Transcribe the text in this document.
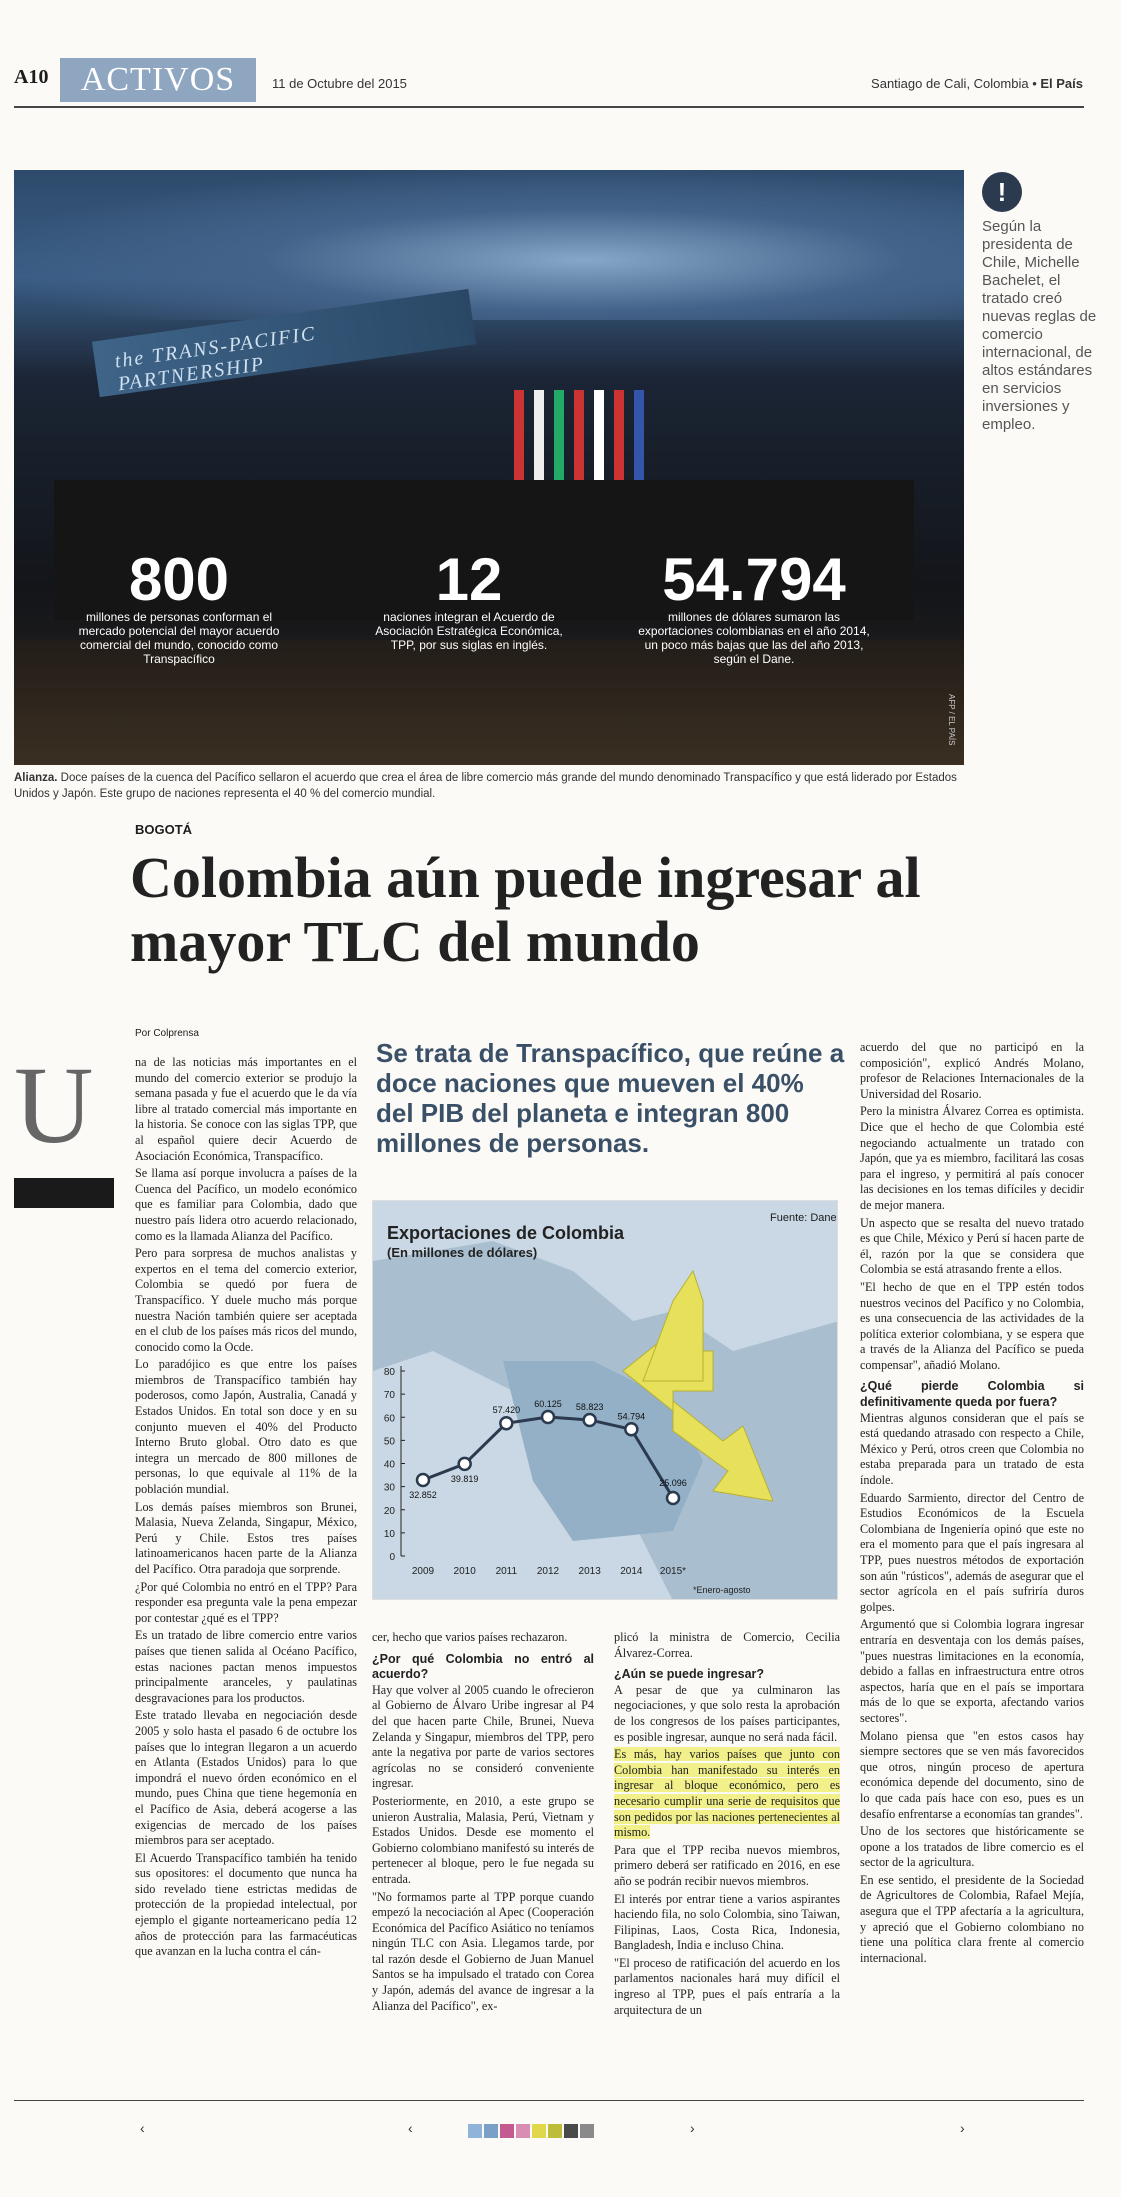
A10 ACTIVOS	11 de Octubre del 2015	Santiago de Cali, Colombia • El País
the TRANS-PACIFIC PARTNERSHIP
800
millones de personas conforman el mercado potencial del mayor acuerdo comercial del mundo, conocido como Transpacífico
12
naciones integran el Acuerdo de Asociación Estratégica Económica, TPP, por sus siglas en inglés.
54.794
millones de dólares sumaron las exportaciones colombianas en el año 2014, un poco más bajas que las del año 2013, según el Dane.
AFP / EL PAÍS
!
Según la presidenta de Chile, Michelle Bachelet, el tratado creó nuevas reglas de comercio internacional, de altos estándares en servicios inversiones y empleo.
Alianza. Doce países de la cuenca del Pacífico sellaron el acuerdo que crea el área de libre comercio más grande del mundo denominado Transpacífico y que está liderado por Estados Unidos y Japón. Este grupo de naciones representa el 40 % del comercio mundial.
BOGOTÁ
Colombia aún puede ingresar al mayor TLC del mundo
Por Colprensa
U	na de las noticias más importantes en el mundo del comercio exterior se produjo la semana pasada y fue el acuerdo que le da vía libre al tratado comercial más importante en la historia. Se conoce con las siglas TPP, que al español quiere decir Acuerdo de Asociación Económica, Transpacífico.

Se llama así porque involucra a países de la Cuenca del Pacífico, un modelo económico que es familiar para Colombia, dado que nuestro país lidera otro acuerdo relacionado, como es la llamada Alianza del Pacífico.

Pero para sorpresa de muchos analistas y expertos en el tema del comercio exterior, Colombia se quedó por fuera de Transpacífico. Y duele mucho más porque nuestra Nación también quiere ser aceptada en el club de los países más ricos del mundo, conocido como la Ocde.

Lo paradójico es que entre los países miembros de Transpacífico también hay poderosos, como Japón, Australia, Canadá y Estados Unidos. En total son doce y en su conjunto mueven el 40% del Producto Interno Bruto global. Otro dato es que integra un mercado de 800 millones de personas, lo que equivale al 11% de la población mundial.

Los demás países miembros son Brunei, Malasia, Nueva Zelanda, Singapur, México, Perú y Chile. Estos tres países latinoamericanos hacen parte de la Alianza del Pacífico. Otra paradoja que sorprende.

¿Por qué Colombia no entró en el TPP? Para responder esa pregunta vale la pena empezar por contestar ¿qué es el TPP?

Es un tratado de libre comercio entre varios países que tienen salida al Océano Pacífico, estas naciones pactan menos impuestos principalmente aranceles, y paulatinas desgravaciones para los productos.

Este tratado llevaba en negociación desde 2005 y solo hasta el pasado 6 de octubre los países que lo integran llegaron a un acuerdo en Atlanta (Estados Unidos) para lo que impondrá el nuevo órden económico en el mundo, pues China que tiene hegemonía en el Pacífico de Asia, deberá acogerse a las exigencias de mercado de los países miembros para ser aceptado.

El Acuerdo Transpacífico también ha tenido sus opositores: el documento que nunca ha sido revelado tiene estrictas medidas de protección de la propiedad intelectual, por ejemplo el gigante norteamericano pedía 12 años de protección para las farmacéuticas que avanzan en la lucha contra el cán-

Se trata de Transpacífico, que reúne a doce naciones que mueven el 40% del PIB del planeta e integran 800 millones de personas.
Exportaciones de Colombia
(En millones de dólares)
0
10
20
30
40
50
60
70
80
2009 2010 2011 2012 2013 2014 2015*
32.852
39.819
57.420
60.125 58.823
54.794
25.096
*Enero-agosto
Fuente: Dane

cer, hecho que varios países rechazaron.

¿Por qué Colombia no entró al acuerdo?

Hay que volver al 2005 cuando le ofrecieron al Gobierno de Álvaro Uribe ingresar al P4 del que hacen parte Chile, Brunei, Nueva Zelanda y Singapur, miembros del TPP, pero ante la negativa por parte de varios sectores agrícolas no se consideró conveniente ingresar.

Posteriormente, en 2010, a este grupo se unieron Australia, Malasia, Perú, Vietnam y Estados Unidos. Desde ese momento el Gobierno colombiano manifestó su interés de pertenecer al bloque, pero le fue negada su entrada.

"No formamos parte al TPP porque cuando empezó la necociación al Apec (Cooperación Económica del Pacífico Asiático no teníamos ningún TLC con Asia. Llegamos tarde, por tal razón desde el Gobierno de Juan Manuel Santos se ha impulsado el tratado con Corea y Japón, además del avance de ingresar a la Alianza del Pacífico", ex-

plicó la ministra de Comercio, Cecilia Álvarez-Correa.

¿Aún se puede ingresar?

A pesar de que ya culminaron las negociaciones, y que solo resta la aprobación de los congresos de los países participantes, es posible ingresar, aunque no será nada fácil.

Es más, hay varios países que junto con Colombia han manifestado su interés en ingresar al bloque económico, pero es necesario cumplir una serie de requisitos que son pedidos por las naciones pertenecientes al mismo.

Para que el TPP reciba nuevos miembros, primero deberá ser ratificado en 2016, en ese año se podrán recibir nuevos miembros.

El interés por entrar tiene a varios aspirantes haciendo fila, no solo Colombia, sino Taiwan, Filipinas, Laos, Costa Rica, Indonesia, Bangladesh, India e incluso China.

"El proceso de ratificación del acuerdo en los parlamentos nacionales hará muy difícil el ingreso al TPP, pues el país entraría a la arquitectura de un

acuerdo del que no participó en la composición", explicó Andrés Molano, profesor de Relaciones Internacionales de la Universidad del Rosario.

Pero la ministra Álvarez Correa es optimista. Dice que el hecho de que Colombia esté negociando actualmente un tratado con Japón, que ya es miembro, facilitará las cosas para el ingreso, y permitirá al país conocer las decisiones en los temas difíciles y decidir de mejor manera.

Un aspecto que se resalta del nuevo tratado es que Chile, México y Perú sí hacen parte de él, razón por la que se considera que Colombia se está atrasando frente a ellos.

"El hecho de que en el TPP estén todos nuestros vecinos del Pacífico y no Colombia, es una consecuencia de las actividades de la política exterior colombiana, y se espera que a través de la Alianza del Pacífico se pueda compensar", añadió Molano.

¿Qué pierde Colombia si definitivamente queda por fuera?

Mientras algunos consideran que el país se está quedando atrasado con respecto a Chile, México y Perú, otros creen que Colombia no estaba preparada para un tratado de esta índole.

Eduardo Sarmiento, director del Centro de Estudios Económicos de la Escuela Colombiana de Ingeniería opinó que este no era el momento para que el país ingresara al TPP, pues nuestros métodos de exportación son aún "rústicos", además de asegurar que el sector agrícola en el país sufriría duros golpes.

Argumentó que si Colombia lograra ingresar entraría en desventaja con los demás países, "pues nuestras limitaciones en la economía, debido a fallas en infraestructura entre otros aspectos, haría que en el país se importara más de lo que se exporta, afectando varios sectores".

Molano piensa que "en estos casos hay siempre sectores que se ven más favorecidos que otros, ningún proceso de apertura económica depende del documento, sino de lo que cada país hace con eso, pues es un desafío enfrentarse a economías tan grandes".

Uno de los sectores que históricamente se opone a los tratados de libre comercio es el sector de la agricultura.

En ese sentido, el presidente de la Sociedad de Agricultores de Colombia, Rafael Mejía, asegura que el TPP afectaría a la agricultura, y apreció que el Gobierno colombiano no tiene una política clara frente al comercio internacional.

‹	‹	›	›
